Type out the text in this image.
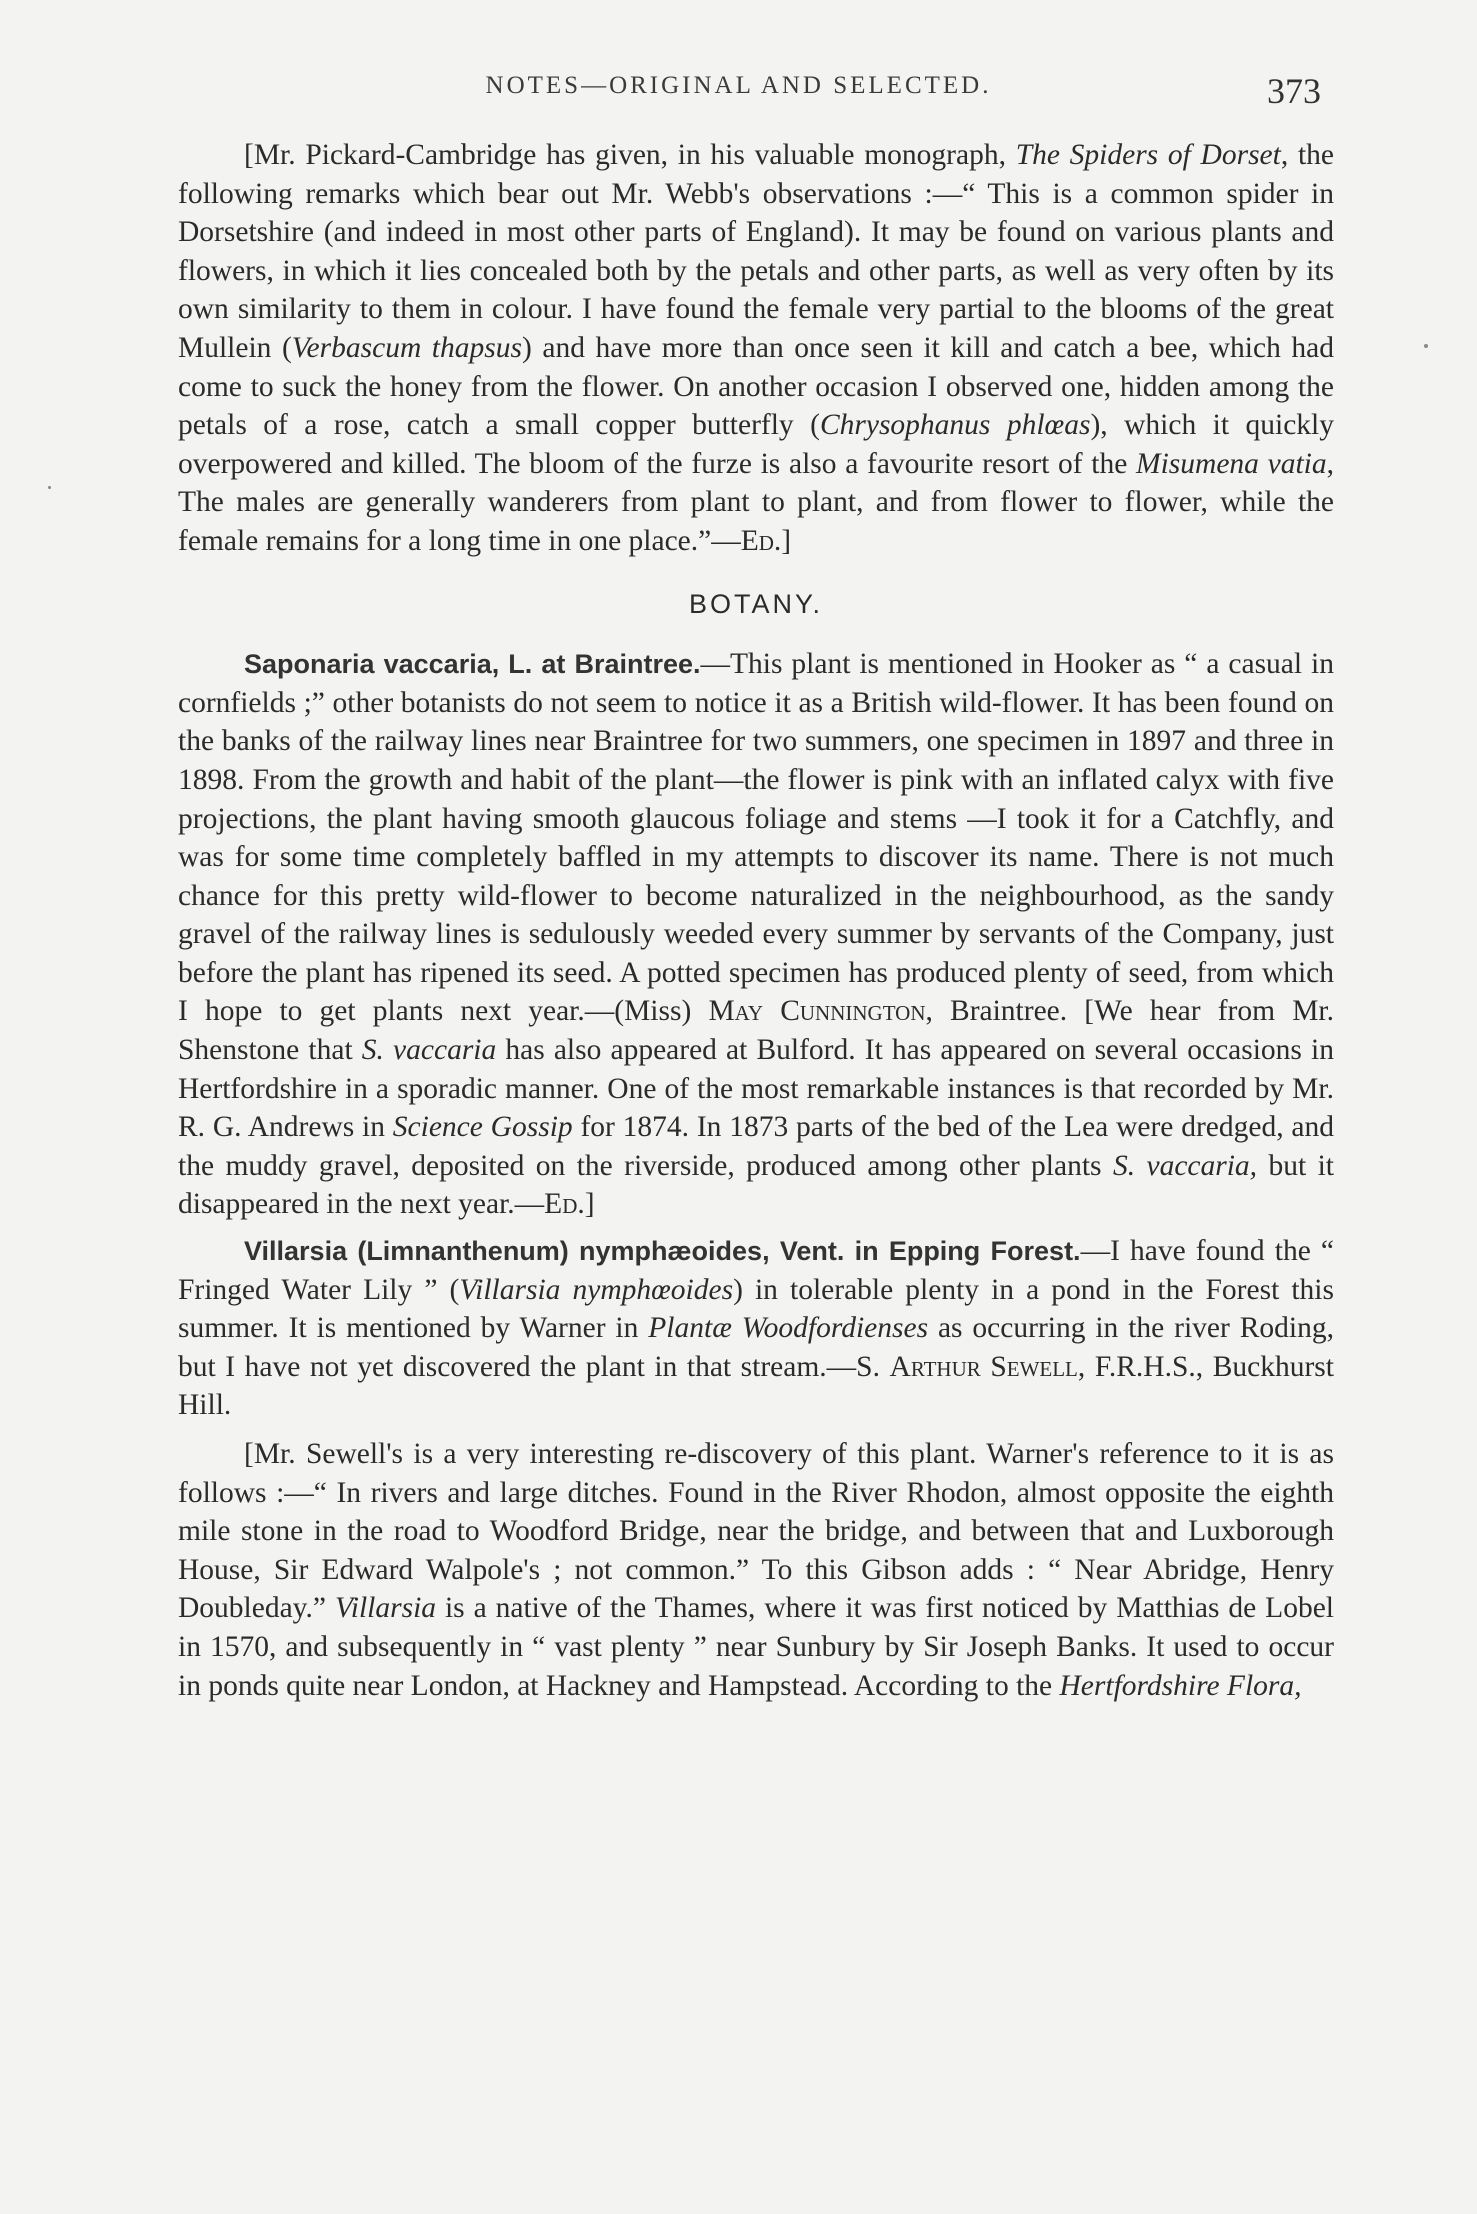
NOTES—ORIGINAL AND SELECTED.	373

[Mr. Pickard-Cambridge has given, in his valuable monograph, The Spiders of Dorset, the following remarks which bear out Mr. Webb's observations :—“ This is a common spider in Dorsetshire (and indeed in most other parts of England). It may be found on various plants and flowers, in which it lies concealed both by the petals and other parts, as well as very often by its own similarity to them in colour. I have found the female very partial to the blooms of the great Mullein (Verbascum thapsus) and have more than once seen it kill and catch a bee, which had come to suck the honey from the flower. On another occasion I observed one, hidden among the petals of a rose, catch a small copper butterfly (Chrysophanus phlœas), which it quickly overpowered and killed. The bloom of the furze is also a favourite resort of the Misumena vatia, The males are generally wanderers from plant to plant, and from flower to flower, while the female remains for a long time in one place.”—Ed.]

BOTANY.

Saponaria vaccaria, L. at Braintree.—This plant is mentioned in Hooker as “ a casual in cornfields ;” other botanists do not seem to notice it as a British wild-flower. It has been found on the banks of the railway lines near Braintree for two summers, one specimen in 1897 and three in 1898. From the growth and habit of the plant—the flower is pink with an inflated calyx with five projections, the plant having smooth glaucous foliage and stems —I took it for a Catchfly, and was for some time completely baffled in my attempts to discover its name. There is not much chance for this pretty wild-flower to become naturalized in the neighbourhood, as the sandy gravel of the railway lines is sedulously weeded every summer by servants of the Company, just before the plant has ripened its seed. A potted specimen has produced plenty of seed, from which I hope to get plants next year.—(Miss) May Cunnington, Braintree. [We hear from Mr. Shenstone that S. vaccaria has also appeared at Bulford. It has appeared on several occasions in Hertfordshire in a sporadic manner. One of the most remarkable instances is that recorded by Mr. R. G. Andrews in Science Gossip for 1874. In 1873 parts of the bed of the Lea were dredged, and the muddy gravel, deposited on the riverside, produced among other plants S. vaccaria, but it disappeared in the next year.—Ed.]

Villarsia (Limnanthenum) nymphæoides, Vent. in Epping Forest.—I have found the “ Fringed Water Lily ” (Villarsia nymphœoides) in tolerable plenty in a pond in the Forest this summer. It is mentioned by Warner in Plantæ Woodfordienses as occurring in the river Roding, but I have not yet discovered the plant in that stream.—S. Arthur Sewell, F.R.H.S., Buckhurst Hill.

[Mr. Sewell's is a very interesting re-discovery of this plant. Warner's reference to it is as follows :—“ In rivers and large ditches. Found in the River Rhodon, almost opposite the eighth mile stone in the road to Woodford Bridge, near the bridge, and between that and Luxborough House, Sir Edward Walpole's ; not common.” To this Gibson adds : “ Near Abridge, Henry Doubleday.” Villarsia is a native of the Thames, where it was first noticed by Matthias de Lobel in 1570, and subsequently in “ vast plenty ” near Sunbury by Sir Joseph Banks. It used to occur in ponds quite near London, at Hackney and Hampstead. According to the Hertfordshire Flora,
